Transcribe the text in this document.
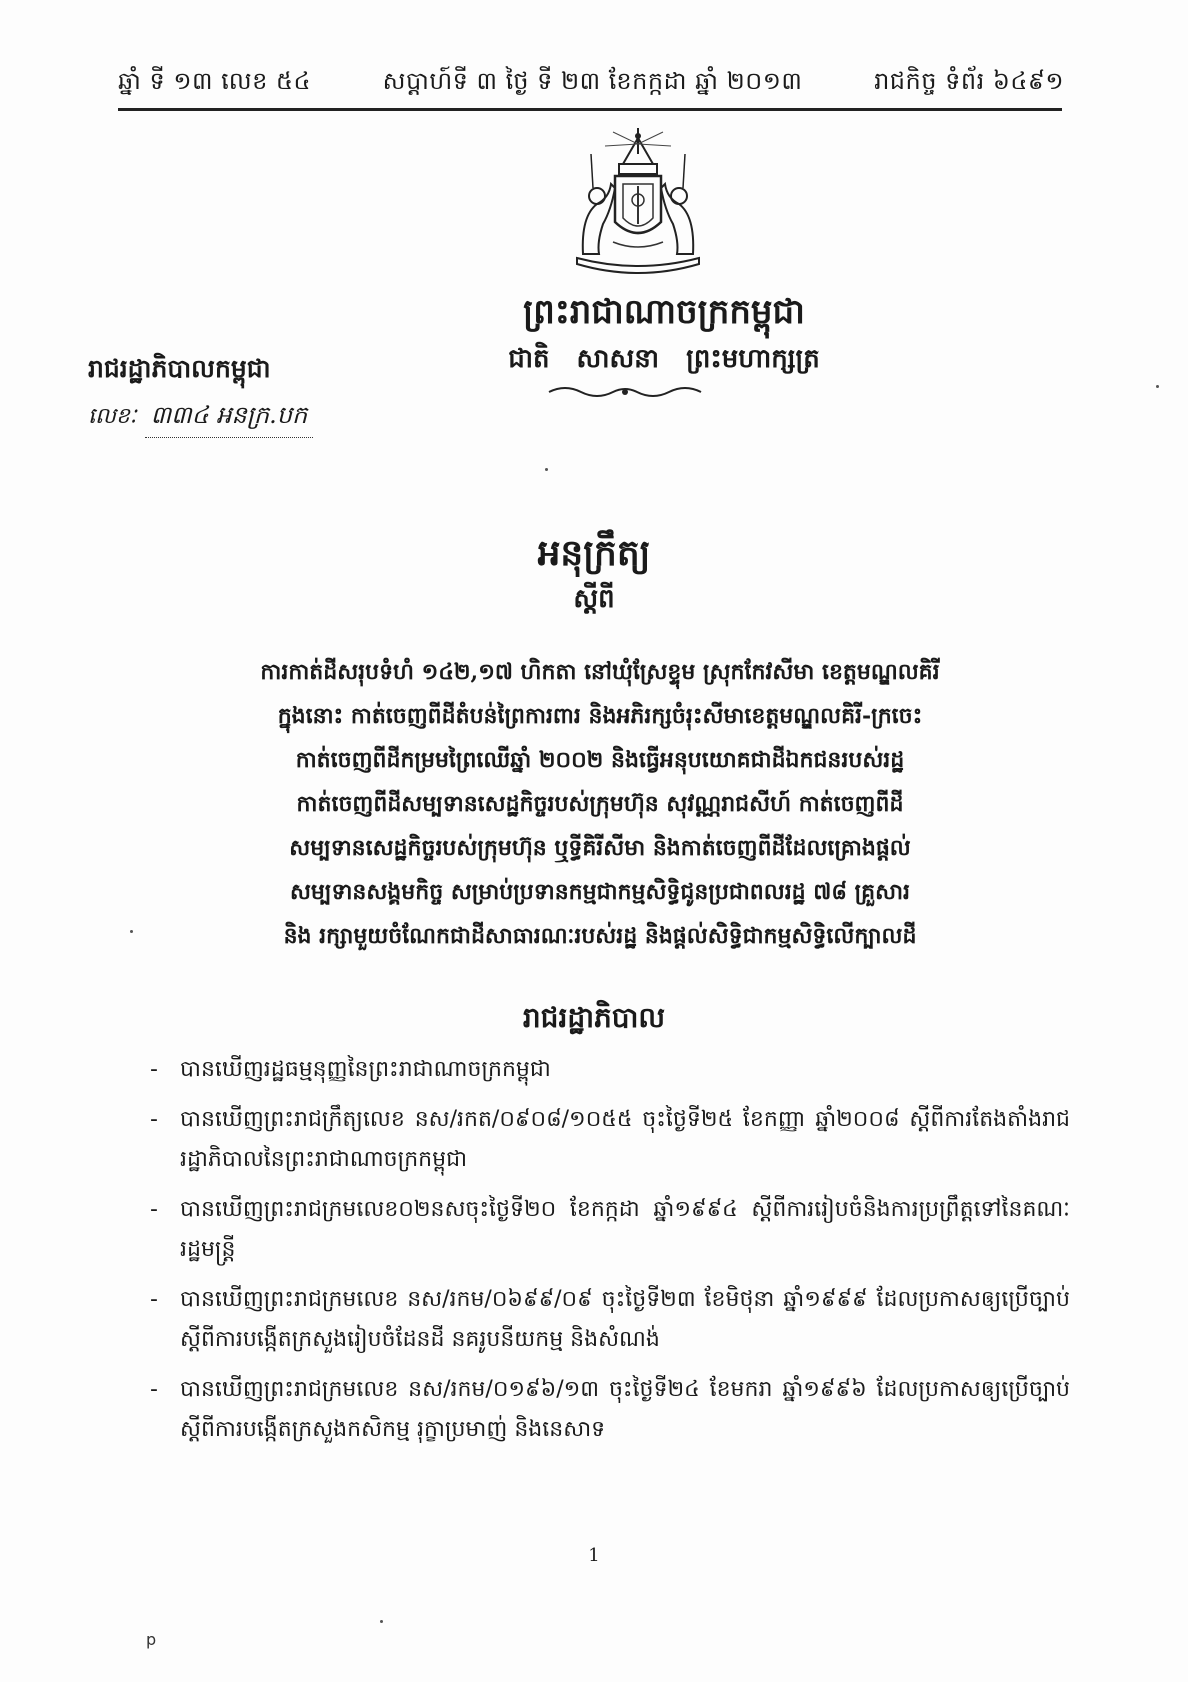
ឆ្នាំ ទី ១៣ លេខ ៥៤	សប្តាហ៍ទី ៣ ថ្ងៃ ទី ២៣ ខែកក្កដា ឆ្នាំ ២០១៣	រាជកិច្ច ទំព័រ ៦៤៩១
ព្រះរាជាណាចក្រកម្ពុជា
ជាតិ សាសនា ព្រះមហាក្សត្រ
រាជរដ្ឋាភិបាលកម្ពុជា
លេខៈ ៣៣៤ អនក្រ.បក
អនុក្រឹត្យ
ស្តីពី
ការកាត់ដីសរុបទំហំ ១៤២,១៧ ហិកតា នៅឃុំស្រែខ្ទុម ស្រុកកែវសីមា ខេត្តមណ្ឌលគិរី
ក្នុងនោះ កាត់ចេញពីដីតំបន់ព្រៃការពារ និងអភិរក្សចំរុះសីមាខេត្តមណ្ឌលគិរី-ក្រចេះ
កាត់ចេញពីដីកម្រមព្រៃឈើឆ្នាំ ២០០២ និងធ្វើអនុបយោគជាដីឯកជនរបស់រដ្ឋ
កាត់ចេញពីដីសម្បទានសេដ្ឋកិច្ចរបស់ក្រុមហ៊ុន សុវណ្ណរាជសីហ៍ កាត់ចេញពីដី
សម្បទានសេដ្ឋកិច្ចរបស់ក្រុមហ៊ុន ឬទ្ធីគិរីសីមា និងកាត់ចេញពីដីដែលគ្រោងផ្តល់
សម្បទានសង្គមកិច្ច សម្រាប់ប្រទានកម្មជាកម្មសិទ្ធិជូនប្រជាពលរដ្ឋ ៧៨ គ្រួសារ
និង រក្សាមួយចំណែកជាដីសាធារណៈរបស់រដ្ឋ និងផ្តល់សិទ្ធិជាកម្មសិទ្ធិលើក្បាលដី
រាជរដ្ឋាភិបាល
- បានឃើញរដ្ឋធម្មនុញ្ញនៃព្រះរាជាណាចក្រកម្ពុជា
- បានឃើញព្រះរាជក្រឹត្យលេខ នស/រកត/០៩០៨/១០៥៥ ចុះថ្ងៃទី២៥ ខែកញ្ញា ឆ្នាំ២០០៨ ស្តីពីការតែងតាំងរាជរដ្ឋាភិបាលនៃព្រះរាជាណាចក្រកម្ពុជា
- បានឃើញព្រះរាជក្រមលេខ០២នសចុះថ្ងៃទី២០ ខែកក្កដា ឆ្នាំ១៩៩៤ ស្តីពីការរៀបចំនិងការប្រព្រឹត្តទៅនៃគណៈរដ្ឋមន្ត្រី
- បានឃើញព្រះរាជក្រមលេខ នស/រកម/០៦៩៩/០៩ ចុះថ្ងៃទី២៣ ខែមិថុនា ឆ្នាំ១៩៩៩ ដែលប្រកាសឲ្យប្រើច្បាប់ស្តីពីការបង្កើតក្រសួងរៀបចំដែនដី នគរូបនីយកម្ម និងសំណង់
- បានឃើញព្រះរាជក្រមលេខ នស/រកម/០១៩៦/១៣ ចុះថ្ងៃទី២៤ ខែមករា ឆ្នាំ១៩៩៦ ដែលប្រកាសឲ្យប្រើច្បាប់ ស្តីពីការបង្កើតក្រសួងកសិកម្ម រុក្ខាប្រមាញ់ និងនេសាទ
1
p
